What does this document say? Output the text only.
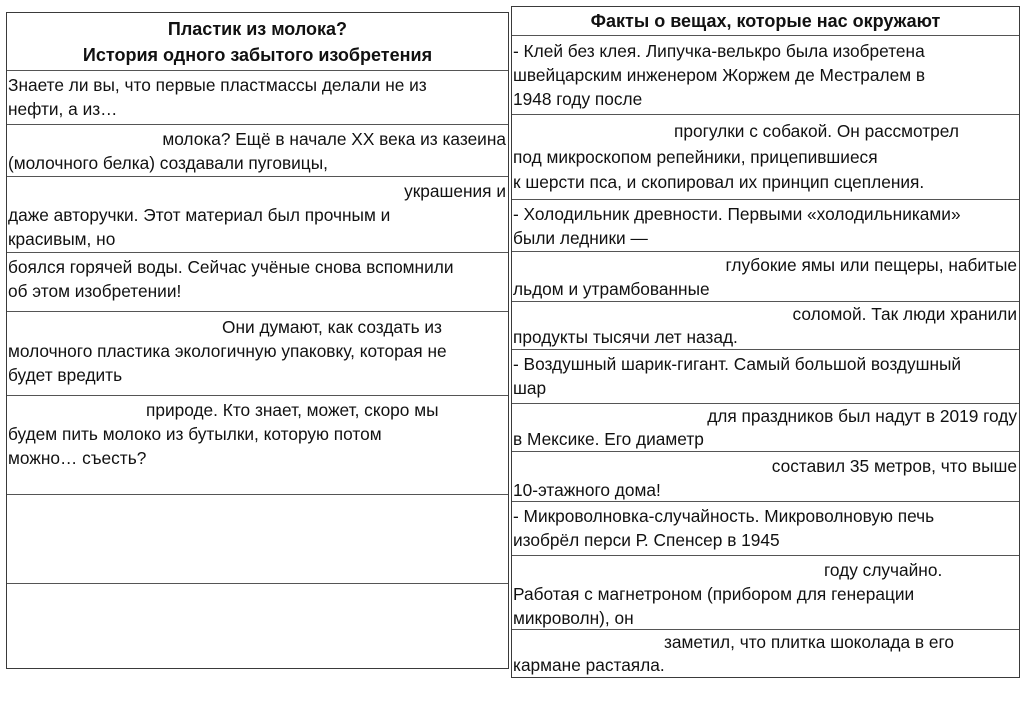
Пластик из молока?
История одного забытого изобретения
Знаете ли вы, что первые пластмассы делали не из
нефти, а из…
молока? Ещё в начале XX века из казеина
(молочного белка) создавали пуговицы,
украшения и
даже авторучки. Этот материал был прочным и
красивым, но
боялся горячей воды. Сейчас учёные снова вспомнили
об этом изобретении!
Они думают, как создать из
молочного пластика экологичную упаковку, которая не
будет вредить
природе. Кто знает, может, скоро мы
будем пить молоко из бутылки, которую потом
можно… съесть?
Факты о вещах, которые нас окружают
- Клей без клея. Липучка-велькро была изобретена
швейцарским инженером Жоржем де Местралем в
1948 году после
прогулки с собакой. Он рассмотрел
под микроскопом репейники, прицепившиеся
к шерсти пса, и скопировал их принцип сцепления.
- Холодильник древности. Первыми «холодильниками»
были ледники —
глубокие ямы или пещеры, набитые
льдом и утрамбованные
соломой. Так люди хранили
продукты тысячи лет назад.
- Воздушный шарик-гигант. Самый большой воздушный
шар
для праздников был надут в 2019 году
в Мексике. Его диаметр
составил 35 метров, что выше
10-этажного дома!
- Микроволновка-случайность. Микроволновую печь
изобрёл перси Р. Спенсер в 1945
году случайно.
Работая с магнетроном (прибором для генерации
микроволн), он
заметил, что плитка шоколада в его
кармане растаяла.
